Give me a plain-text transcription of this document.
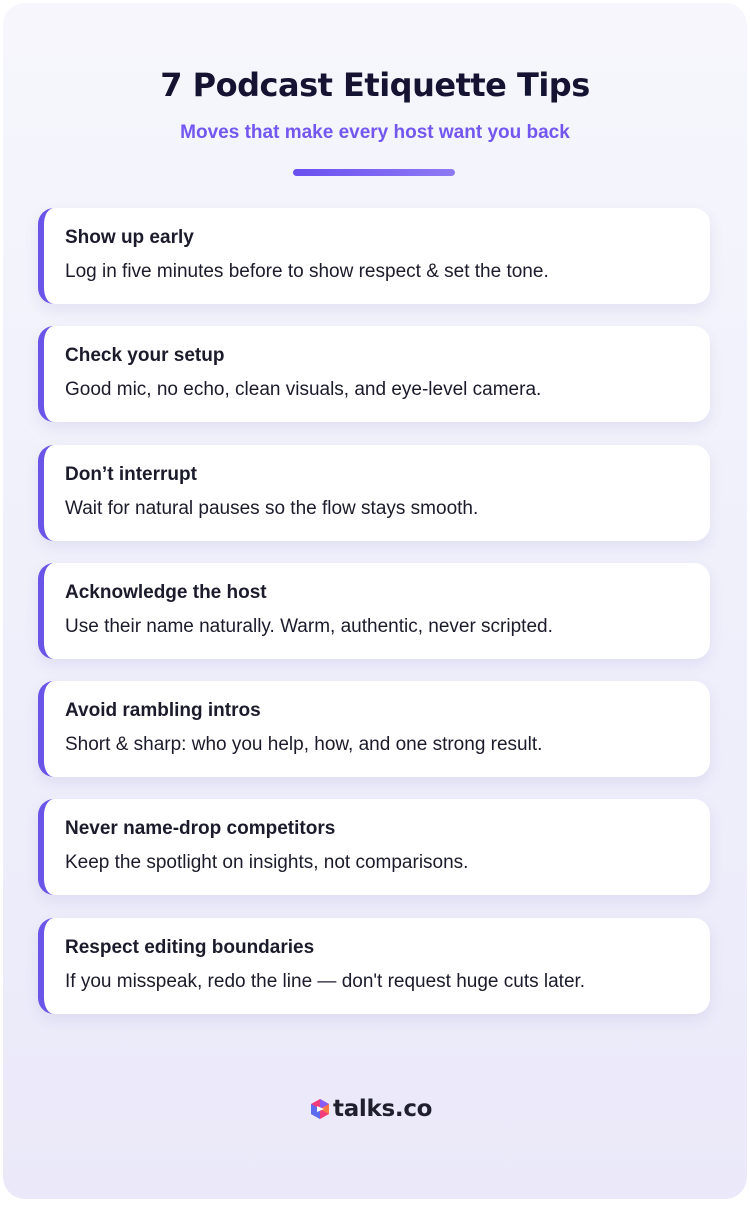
7 Podcast Etiquette Tips
Moves that make every host want you back
Show up early
Log in five minutes before to show respect & set the tone.
Check your setup
Good mic, no echo, clean visuals, and eye-level camera.
Don’t interrupt
Wait for natural pauses so the flow stays smooth.
Acknowledge the host
Use their name naturally. Warm, authentic, never scripted.
Avoid rambling intros
Short & sharp: who you help, how, and one strong result.
Never name-drop competitors
Keep the spotlight on insights, not comparisons.
Respect editing boundaries
If you misspeak, redo the line — don't request huge cuts later.
talks.co
